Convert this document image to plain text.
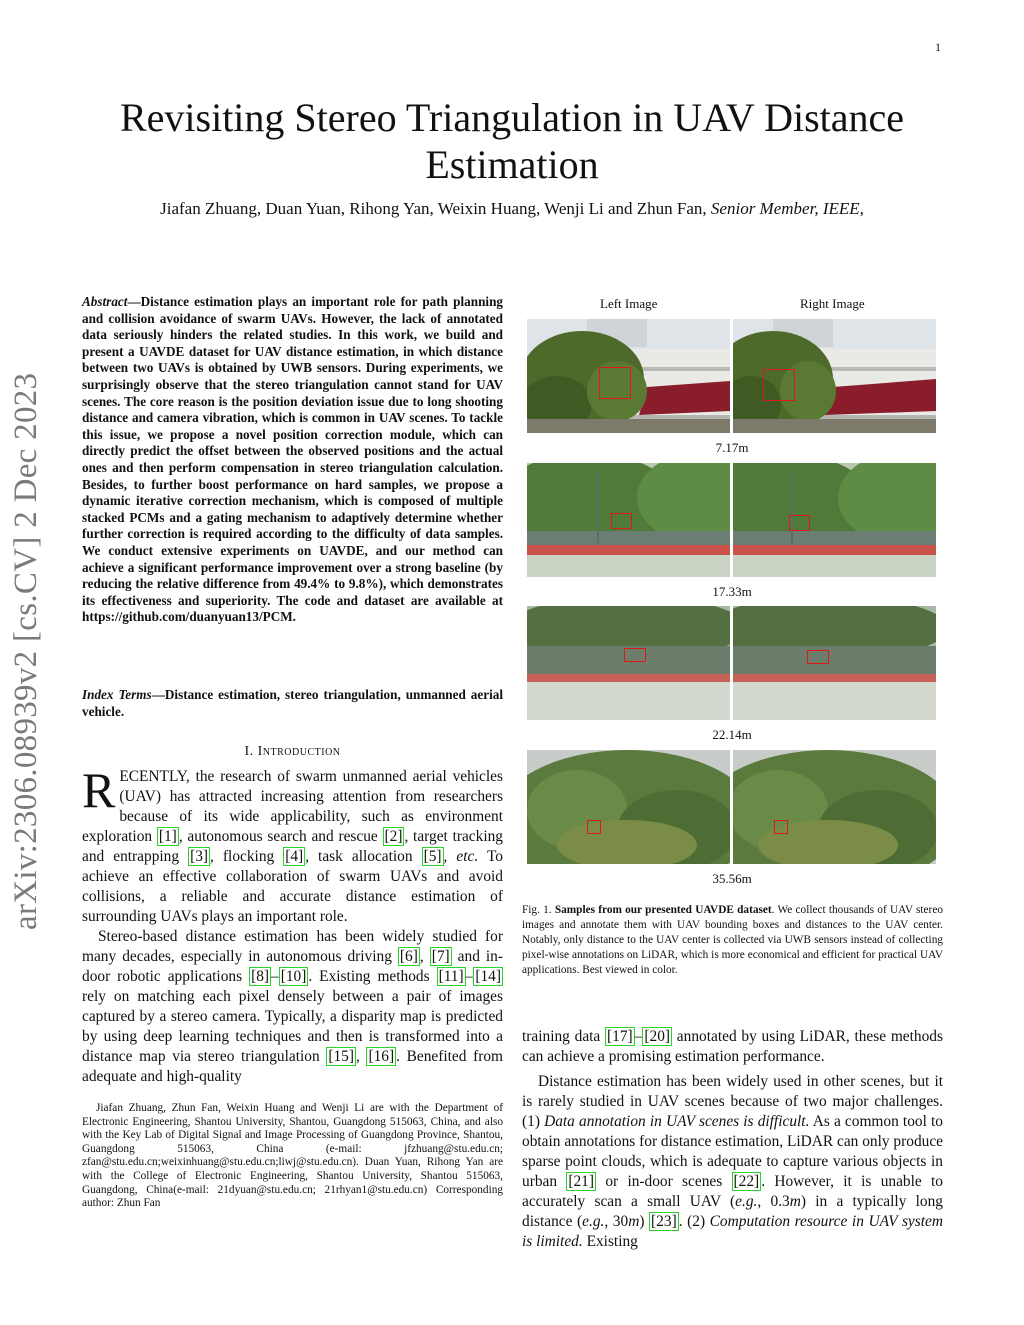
1
arXiv:2306.08939v2 [cs.CV] 2 Dec 2023
Revisiting Stereo Triangulation in UAV Distance Estimation
Jiafan Zhuang, Duan Yuan, Rihong Yan, Weixin Huang, Wenji Li and Zhun Fan, Senior Member, IEEE,
Abstract—Distance estimation plays an important role for path planning and collision avoidance of swarm UAVs. However, the lack of annotated data seriously hinders the related studies. In this work, we build and present a UAVDE dataset for UAV distance estimation, in which distance between two UAVs is obtained by UWB sensors. During experiments, we surprisingly observe that the stereo triangulation cannot stand for UAV scenes. The core reason is the position deviation issue due to long shooting distance and camera vibration, which is common in UAV scenes. To tackle this issue, we propose a novel position correction module, which can directly predict the offset between the observed positions and the actual ones and then perform compensation in stereo triangulation calculation. Besides, to further boost performance on hard samples, we propose a dynamic iterative correction mechanism, which is composed of multiple stacked PCMs and a gating mechanism to adaptively determine whether further correction is required according to the difficulty of data samples. We conduct extensive experiments on UAVDE, and our method can achieve a significant performance improvement over a strong baseline (by reducing the relative difference from 49.4% to 9.8%), which demonstrates its effectiveness and superiority. The code and dataset are available at https://github.com/duanyuan13/PCM.
Index Terms—Distance estimation, stereo triangulation, unmanned aerial vehicle.
I. Introduction

RECENTLY, the research of swarm unmanned aerial vehicles (UAV) has attracted increasing attention from researchers because of its wide applicability, such as environment exploration [1] , autonomous search and rescue [2] , target tracking and entrapping [3] , flocking [4] , task allocation [5] , etc. To achieve an effective collaboration of swarm UAVs and avoid collisions, a reliable and accurate distance estimation of surrounding UAVs plays an important role.

Stereo-based distance estimation has been widely studied for many decades, especially in autonomous driving [6] , [7] and in-door robotic applications [8] – [10] . Existing methods [11] – [14] rely on matching each pixel densely between a pair of images captured by a stereo camera. Typically, a disparity map is predicted by using deep learning techniques and then is transformed into a distance map via stereo triangulation [15] , [16] . Benefited from adequate and high-quality

Jiafan Zhuang, Zhun Fan, Weixin Huang and Wenji Li are with the Department of Electronic Engineering, Shantou University, Shantou, Guangdong 515063, China, and also with the Key Lab of Digital Signal and Image Processing of Guangdong Province, Shantou, Guangdong 515063, China (e-mail: jfzhuang@stu.edu.cn; zfan@stu.edu.cn;weixinhuang@stu.edu.cn;liwj@stu.edu.cn). Duan Yuan, Rihong Yan are with the College of Electronic Engineering, Shantou University, Shantou 515063, Guangdong, China(e-mail: 21dyuan@stu.edu.cn; 21rhyan1@stu.edu.cn) Corresponding author: Zhun Fan
Left Image	Right Image
7.17m
17.33m
22.14m
35.56m
Fig. 1. Samples from our presented UAVDE dataset. We collect thousands of UAV stereo images and annotate them with UAV bounding boxes and distances to the UAV center. Notably, only distance to the UAV center is collected via UWB sensors instead of collecting pixel-wise annotations on LiDAR, which is more economical and efficient for practical UAV applications. Best viewed in color.

training data [17] – [20] annotated by using LiDAR, these methods can achieve a promising estimation performance.

Distance estimation has been widely used in other scenes, but it is rarely studied in UAV scenes because of two major challenges. (1) Data annotation in UAV scenes is difficult. As a common tool to obtain annotations for distance estimation, LiDAR can only produce sparse point clouds, which is adequate to capture various objects in urban [21] or in-door scenes [22] . However, it is unable to accurately scan a small UAV (e.g., 0.3m) in a typically long distance (e.g., 30m) [23] . (2) Computation resource in UAV system is limited. Existing
